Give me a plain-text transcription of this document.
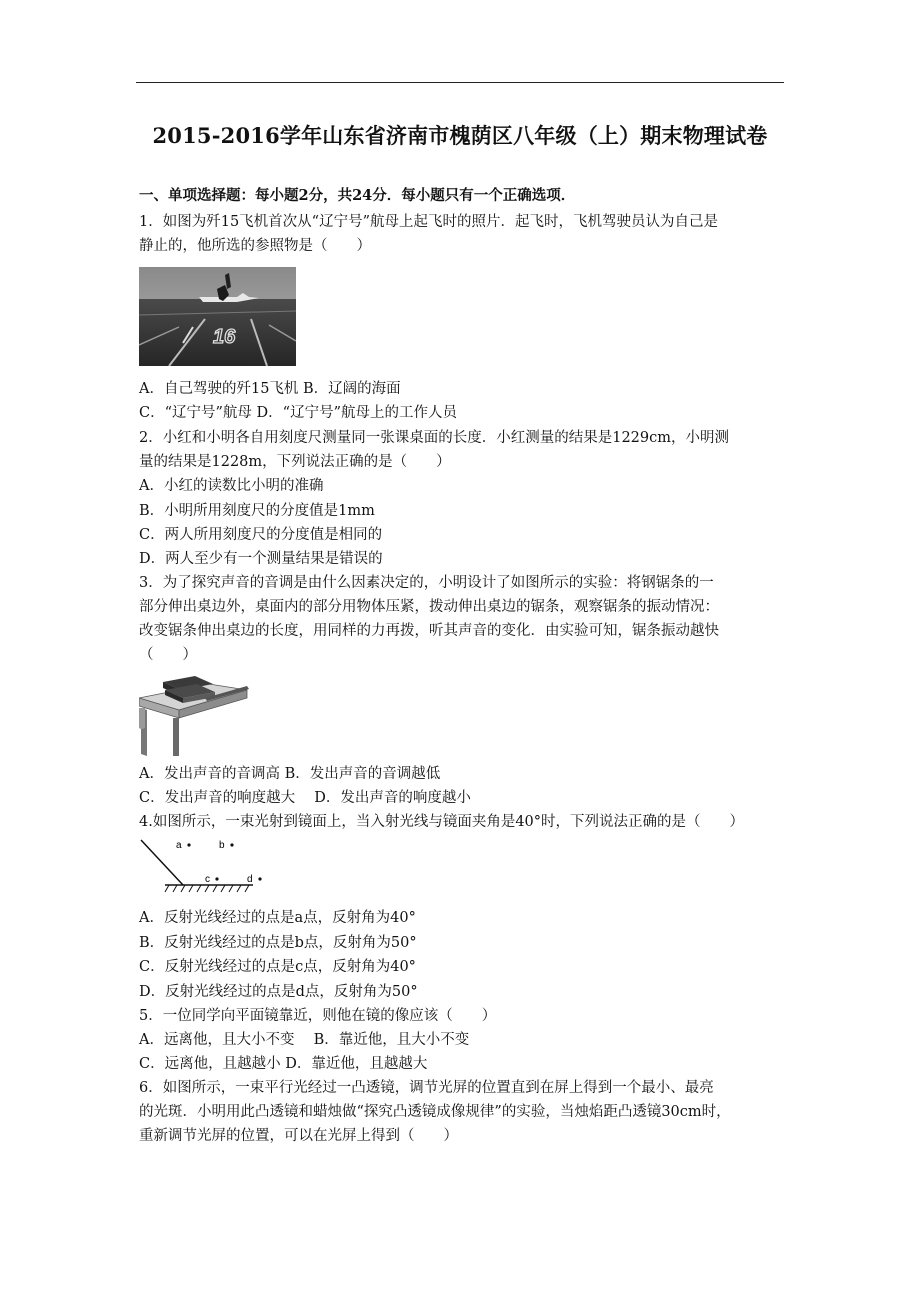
2015-2016学年山东省济南市槐荫区八年级（上）期末物理试卷
一、单项选择题：每小题2分，共24分．每小题只有一个正确选项．
1．如图为歼15飞机首次从“辽宁号”航母上起飞时的照片．起飞时，飞机驾驶员认为自己是
静止的，他所选的参照物是（　　）
16
A．自己驾驶的歼15飞机 B．辽阔的海面
C．“辽宁号”航母 D．“辽宁号”航母上的工作人员
2．小红和小明各自用刻度尺测量同一张课桌面的长度．小红测量的结果是1229cm，小明测
量的结果是1228m，下列说法正确的是（　　）
A．小红的读数比小明的准确
B．小明所用刻度尺的分度值是1mm
C．两人所用刻度尺的分度值是相同的
D．两人至少有一个测量结果是错误的
3．为了探究声音的音调是由什么因素决定的，小明设计了如图所示的实验：将钢锯条的一
部分伸出桌边外，桌面内的部分用物体压紧，拨动伸出桌边的锯条，观察锯条的振动情况：
改变锯条伸出桌边的长度，用同样的力再拨，听其声音的变化．由实验可知，锯条振动越快
（　　）
A．发出声音的音调高 B．发出声音的音调越低
C．发出声音的响度越大　 D．发出声音的响度越小
4.如图所示，一束光射到镜面上，当入射光线与镜面夹角是40°时，下列说法正确的是（　　）
a	b
c	d
A．反射光线经过的点是a点，反射角为40°
B．反射光线经过的点是b点，反射角为50°
C．反射光线经过的点是c点，反射角为40°
D．反射光线经过的点是d点，反射角为50°
5．一位同学向平面镜靠近，则他在镜的像应该（　　）
A．远离他，且大小不变　 B．靠近他，且大小不变
C．远离他，且越越小 D．靠近他，且越越大
6．如图所示，一束平行光经过一凸透镜，调节光屏的位置直到在屏上得到一个最小、最亮
的光斑．小明用此凸透镜和蜡烛做“探究凸透镜成像规律”的实验，当烛焰距凸透镜30cm时，
重新调节光屏的位置，可以在光屏上得到（　　）
